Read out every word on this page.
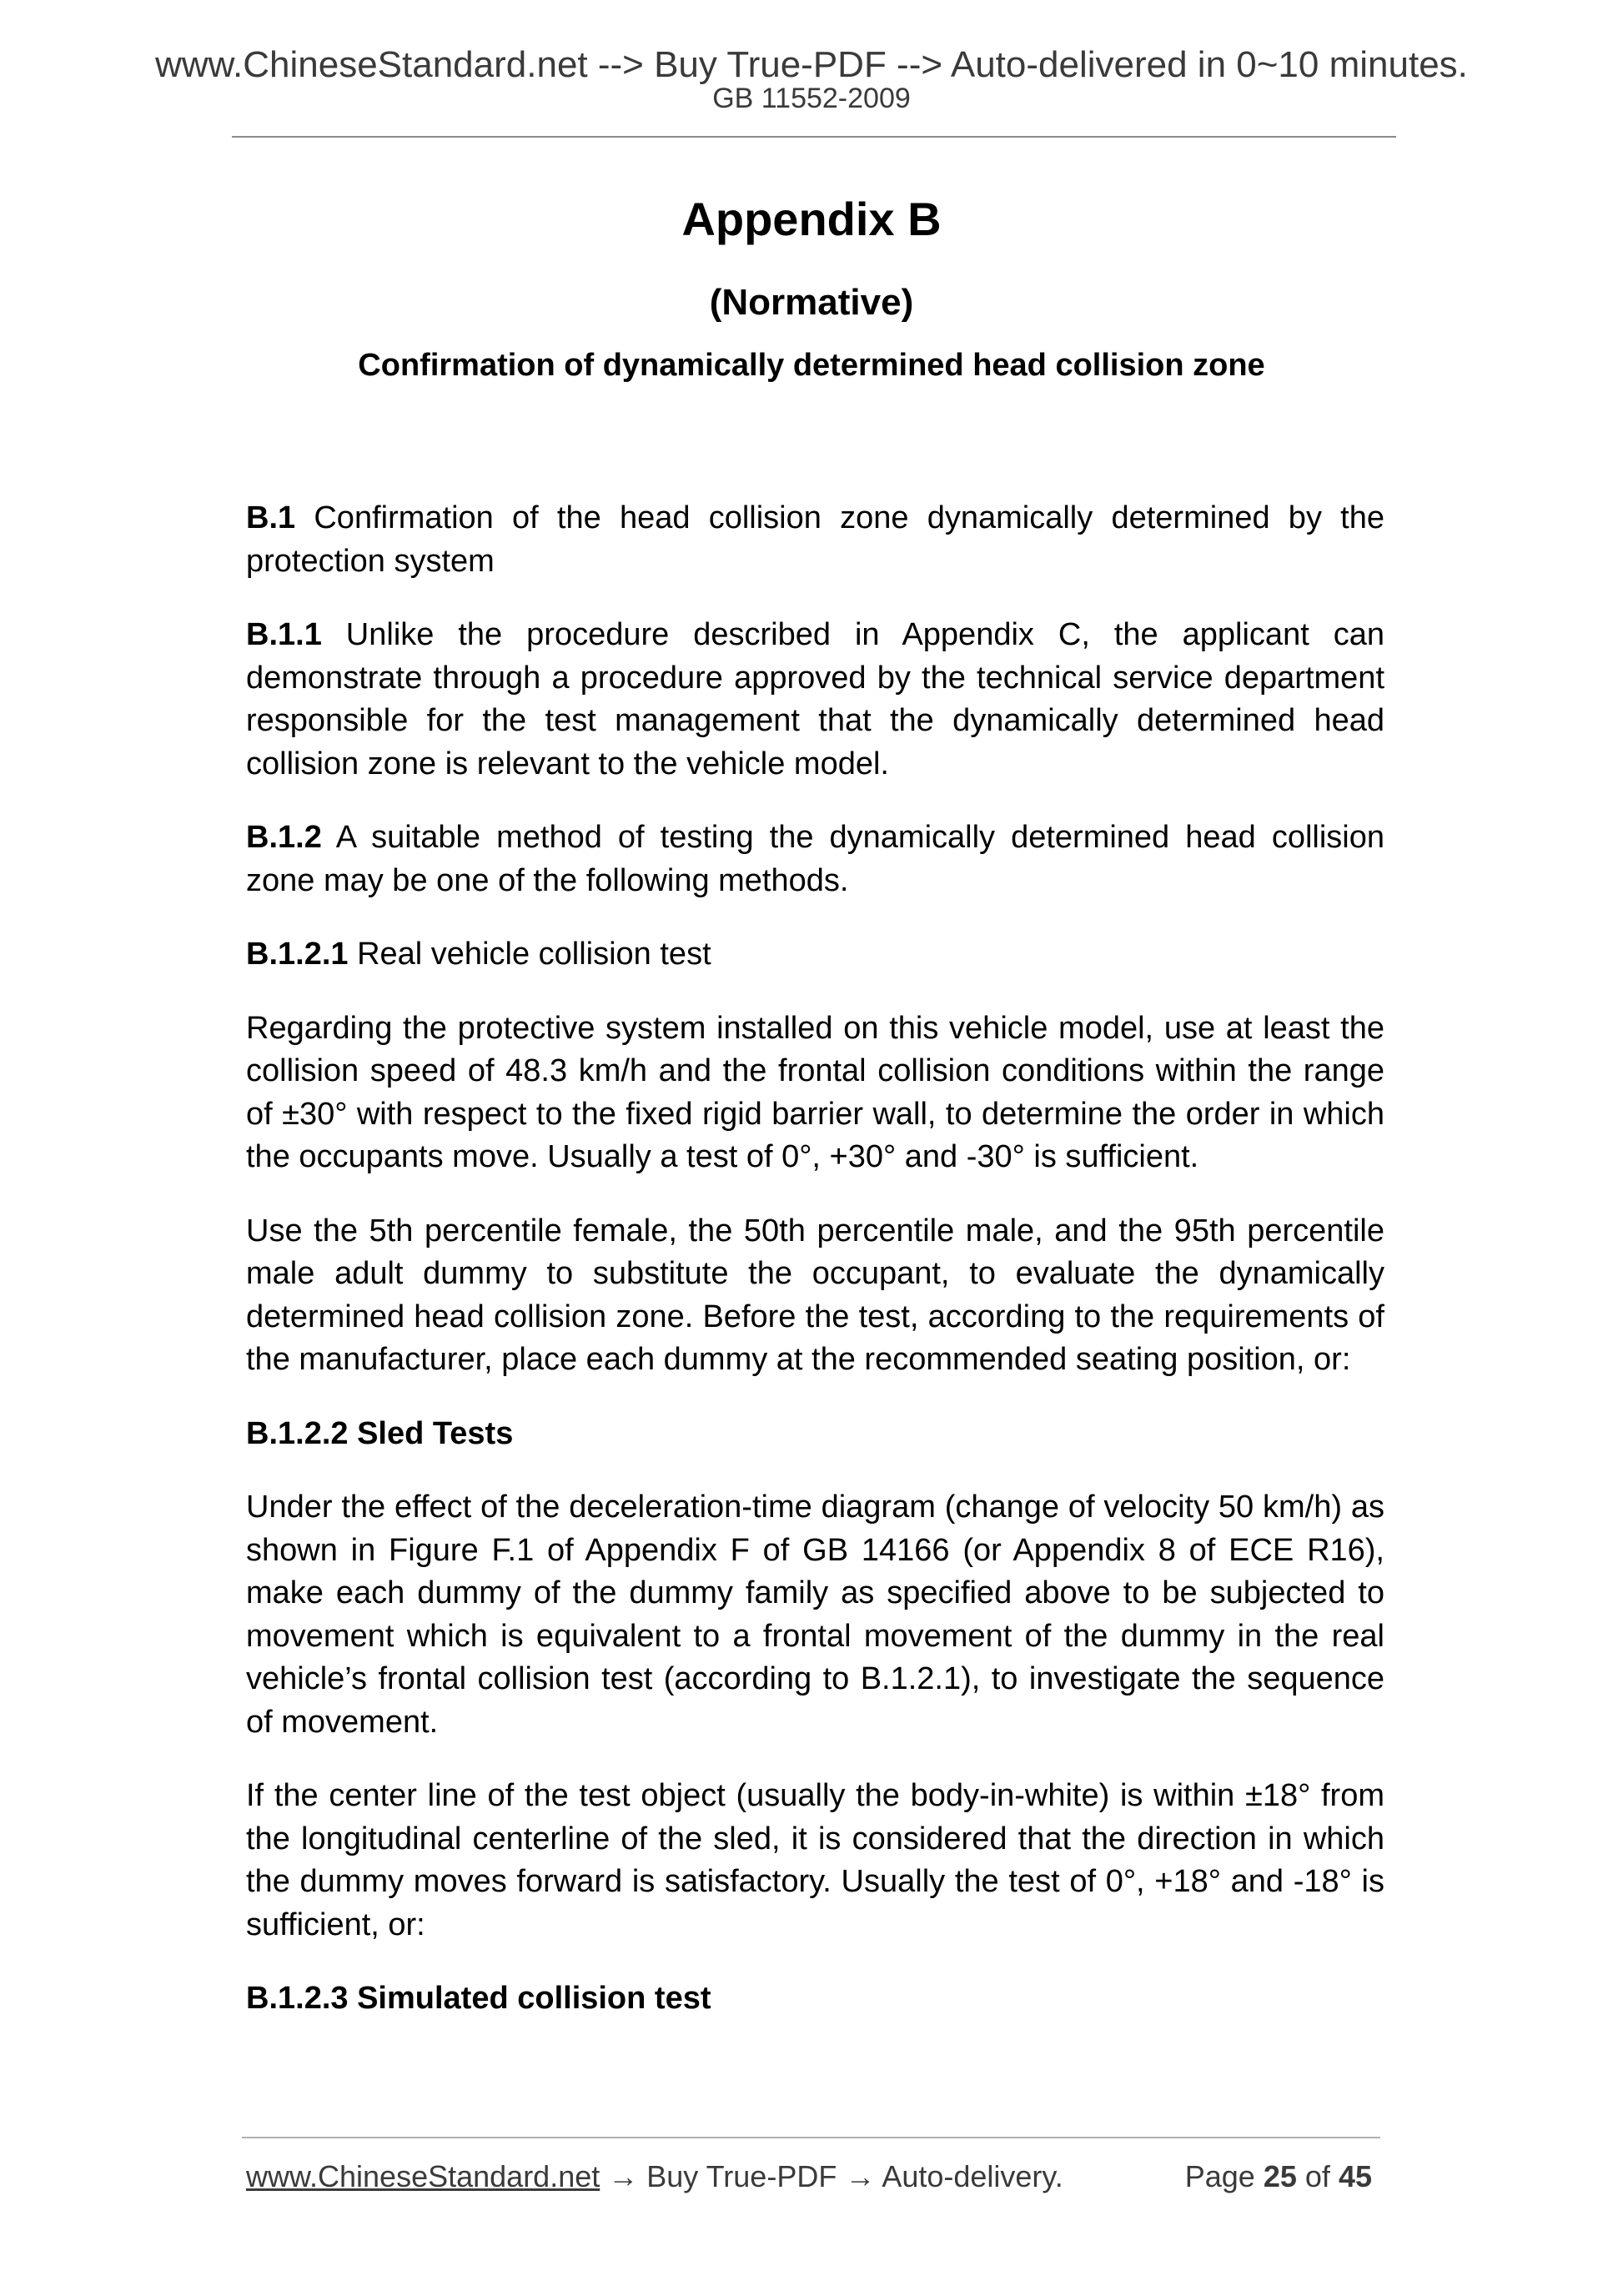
www.ChineseStandard.net --> Buy True-PDF --> Auto-delivered in 0~10 minutes.
GB 11552-2009
Appendix B
(Normative)
Confirmation of dynamically determined head collision zone

B.1 Confirmation of the head collision zone dynamically determined by the protection system

B.1.1 Unlike the procedure described in Appendix C, the applicant can demonstrate through a procedure approved by the technical service department responsible for the test management that the dynamically determined head collision zone is relevant to the vehicle model.

B.1.2 A suitable method of testing the dynamically determined head collision zone may be one of the following methods.

B.1.2.1 Real vehicle collision test

Regarding the protective system installed on this vehicle model, use at least the collision speed of 48.3 km/h and the frontal collision conditions within the range of ±30° with respect to the fixed rigid barrier wall, to determine the order in which the occupants move. Usually a test of 0°, +30° and -30° is sufficient.

Use the 5th percentile female, the 50th percentile male, and the 95th percentile male adult dummy to substitute the occupant, to evaluate the dynamically determined head collision zone. Before the test, according to the requirements of the manufacturer, place each dummy at the recommended seating position, or:

B.1.2.2 Sled Tests

Under the effect of the deceleration-time diagram (change of velocity 50 km/h) as shown in Figure F.1 of Appendix F of GB 14166 (or Appendix 8 of ECE R16), make each dummy of the dummy family as specified above to be subjected to movement which is equivalent to a frontal movement of the dummy in the real vehicle’s frontal collision test (according to B.1.2.1), to investigate the sequence of movement.

If the center line of the test object (usually the body-in-white) is within ±18° from the longitudinal centerline of the sled, it is considered that the direction in which the dummy moves forward is satisfactory. Usually the test of 0°, +18° and -18° is sufficient, or:

B.1.2.3 Simulated collision test

www.ChineseStandard.net → Buy True-PDF → Auto-delivery.	Page 25 of 45
